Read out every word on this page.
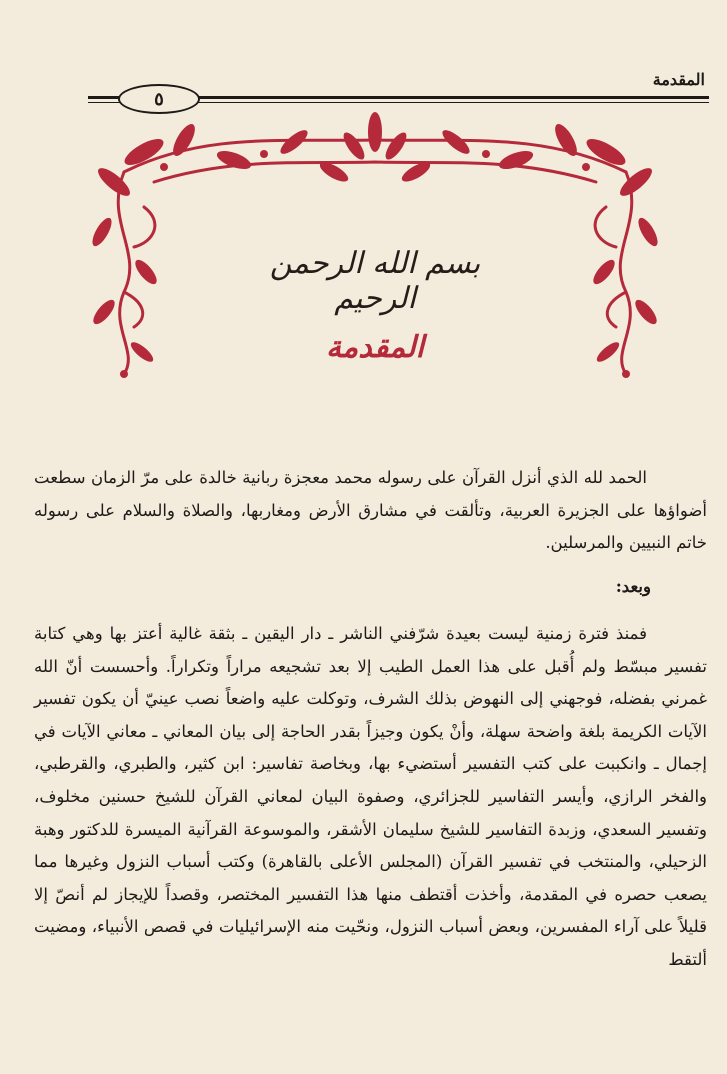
المقدمة
٥
بسم الله الرحمن الرحيم
المقدمة
الحمد لله الذي أنزل القرآن على رسوله محمد معجزة ربانية خالدة على مرّ الزمان سطعت أضواؤها على الجزيرة العربية، وتألقت في مشارق الأرض ومغاربها، والصلاة والسلام على رسوله خاتم النبيين والمرسلين.
وبعد:
فمنذ فترة زمنية ليست بعيدة شرّفني الناشر ـ دار اليقين ـ بثقة غالية أعتز بها وهي كتابة تفسير مبسّط ولم أُقبل على هذا العمل الطيب إلا بعد تشجيعه مراراً وتكراراً. وأحسست أنّ الله غمرني بفضله، فوجهني إلى النهوض بذلك الشرف، وتوكلت عليه واضعاً نصب عينيّ أن يكون تفسير الآيات الكريمة بلغة واضحة سهلة، وأنْ يكون وجيزاً بقدر الحاجة إلى بيان المعاني ـ معاني الآيات في إجمال ـ وانكببت على كتب التفسير أستضيء بها، وبخاصة تفاسير: ابن كثير، والطبري، والقرطبي، والفخر الرازي، وأيسر التفاسير للجزائري، وصفوة البيان لمعاني القرآن للشيخ حسنين مخلوف، وتفسير السعدي، وزبدة التفاسير للشيخ سليمان الأشقر، والموسوعة القرآنية الميسرة للدكتور وهبة الزحيلي، والمنتخب في تفسير القرآن (المجلس الأعلى بالقاهرة) وكتب أسباب النزول وغيرها مما يصعب حصره في المقدمة، وأخذت أقتطف منها هذا التفسير المختصر، وقصداً للإيجاز لم أنصّ إلا قليلاً على آراء المفسرين، وبعض أسباب النزول، ونحّيت منه الإسرائيليات في قصص الأنبياء، ومضيت ألتقط
